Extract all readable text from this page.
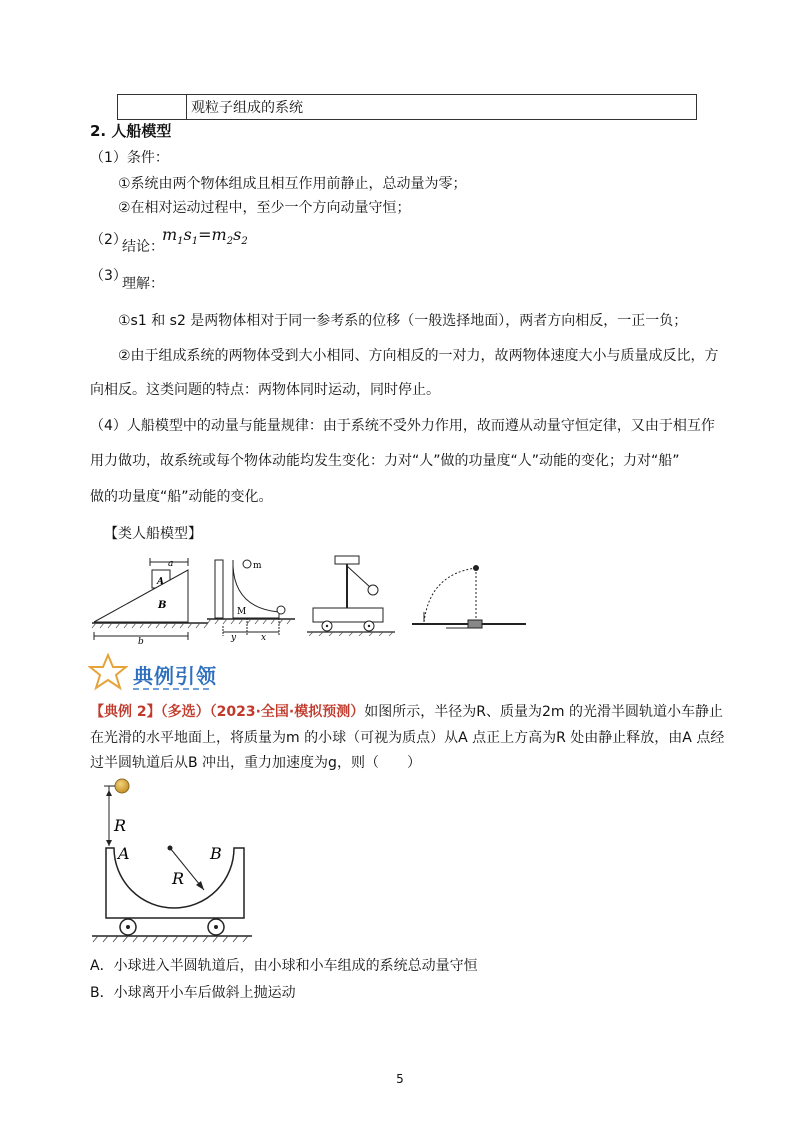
	观粒子组成的系统
2. 人船模型
（1）条件：
①系统由两个物体组成且相互作用前静止，总动量为零；
②在相对运动过程中，至少一个方向动量守恒；
（2）
结论：
$m_1s_1=m_2s_2$
（3）
理解：
①s1 和 s2 是两物体相对于同一参考系的位移（一般选择地面），两者方向相反，一正一负；
②由于组成系统的两物体受到大小相同、方向相反的一对力，故两物体速度大小与质量成反比，方
向相反。这类问题的特点：两物体同时运动，同时停止。
（4）人船模型中的动量与能量规律：由于系统不受外力作用，故而遵从动量守恒定律，又由于相互作
用力做功，故系统或每个物体动能均发生变化：力对“人”做的功量度“人”动能的变化；力对“船”
做的功量度“船”动能的变化。
【类人船模型】
a
A
B
b
m
M
y	x
典例引领
【典例 2】（多选）（2023·全国·模拟预测）如图所示，半径为R、质量为2m 的光滑半圆轨道小车静止
在光滑的水平地面上，将质量为m 的小球（可视为质点）从A 点正上方高为R 处由静止释放，由A 点经
过半圆轨道后从B 冲出，重力加速度为g，则（　　）
R
A	B
R
A．小球进入半圆轨道后，由小球和小车组成的系统总动量守恒
B．小球离开小车后做斜上抛运动
5
